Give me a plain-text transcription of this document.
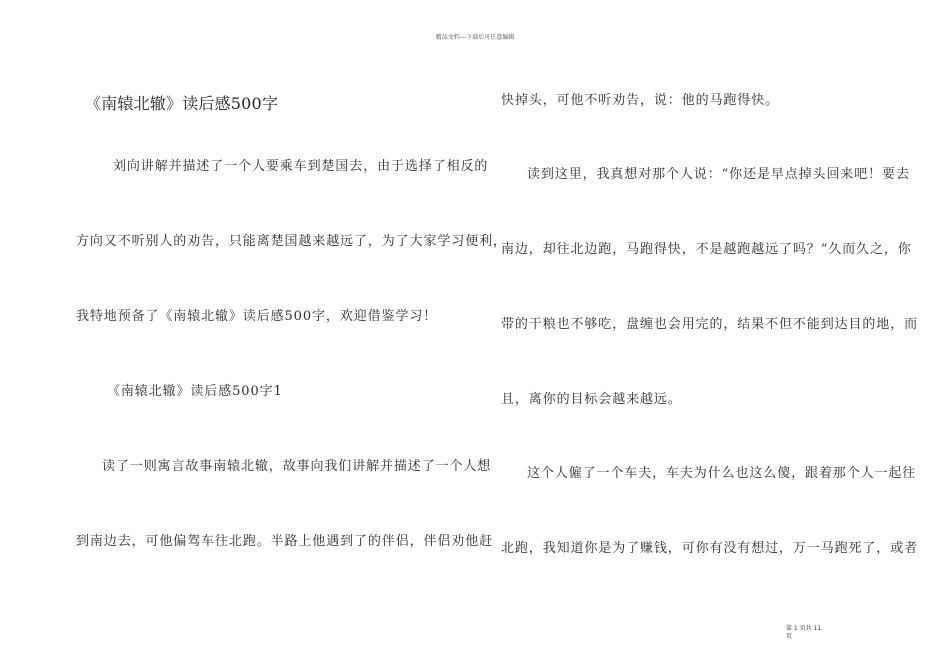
精品文档---下载后可任意编辑
《南辕北辙》读后感500字
刘向讲解并描述了一个人要乘车到楚国去，由于选择了相反的
方向又不听别人的劝告，只能离楚国越来越远了，为了大家学习便利，
我特地预备了《南辕北辙》读后感500字，欢迎借鉴学习！
《南辕北辙》读后感500字1
读了一则寓言故事南辕北辙，故事向我们讲解并描述了一个人想
到南边去，可他偏驾车往北跑。半路上他遇到了的伴侣，伴侣劝他赶
快掉头，可他不听劝告，说：他的马跑得快。
读到这里，我真想对那个人说：“你还是早点掉头回来吧！要去
南边，却往北边跑，马跑得快，不是越跑越远了吗？“久而久之，你
带的干粮也不够吃，盘缠也会用完的，结果不但不能到达目的地，而
且，离你的目标会越来越远。
这个人僱了一个车夫，车夫为什么也这么傻，跟着那个人一起往
北跑，我知道你是为了赚钱，可你有没有想过，万一马跑死了，或者
第 1 页共 11 页
